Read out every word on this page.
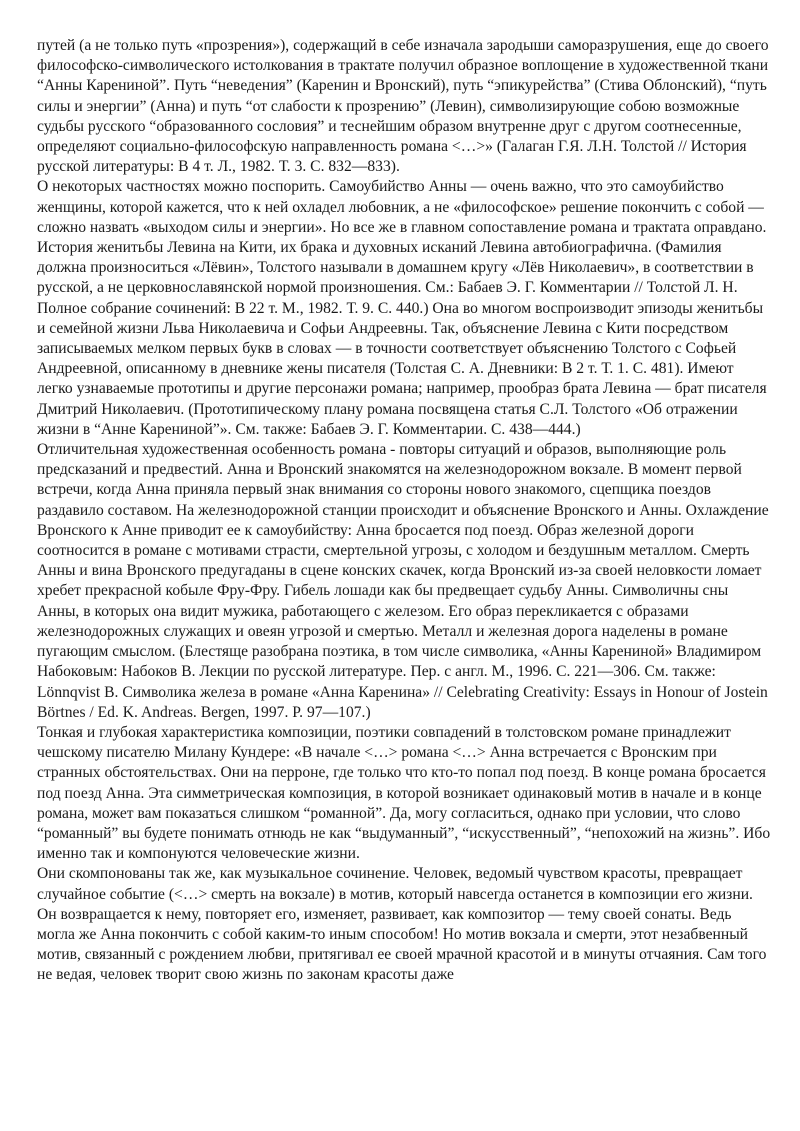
путей (а не только путь «прозрения»), содержащий в себе изначала зародыши саморазрушения, еще до своего философско-символического истолкования в трактате получил образное воплощение в художественной ткани “Анны Карениной”. Путь “неведения” (Каренин и Вронский), путь “эпикурейства” (Стива Облонский), “путь силы и энергии” (Анна) и путь “от слабости к прозрению” (Левин), символизирующие собою возможные судьбы русского “образованного сословия” и теснейшим образом внутренне друг с другом соотнесенные, определяют социально-философскую направленность романа <…>» (Галаган Г.Я. Л.Н. Толстой // История русской литературы: В 4 т. Л., 1982. Т. 3. С. 832—833).

О некоторых частностях можно поспорить. Самоубийство Анны — очень важно, что это самоубийство женщины, которой кажется, что к ней охладел любовник, а не «философское» решение покончить с собой — сложно назвать «выходом силы и энергии». Но все же в главном сопоставление романа и трактата оправдано.

История женитьбы Левина на Кити, их брака и духовных исканий Левина автобиографична. (Фамилия должна произноситься «Лёвин», Толстого называли в домашнем кругу «Лёв Николаевич», в соответствии в русской, а не церковнославянской нормой произношения. См.: Бабаев Э. Г. Комментарии // Толстой Л. Н. Полное собрание сочинений: В 22 т. М., 1982. Т. 9. С. 440.) Она во многом воспроизводит эпизоды женитьбы и семейной жизни Льва Николаевича и Софьи Андреевны. Так, объяснение Левина с Кити посредством записываемых мелком первых букв в словах — в точности соответствует объяснению Толстого с Софьей Андреевной, описанному в дневнике жены писателя (Толстая С. А. Дневники: В 2 т. Т. 1. С. 481). Имеют легко узнаваемые прототипы и другие персонажи романа; например, прообраз брата Левина — брат писателя Дмитрий Николаевич. (Прототипическому плану романа посвящена статья С.Л. Толстого «Об отражении жизни в “Анне Карениной”». См. также: Бабаев Э. Г. Комментарии. С. 438—444.)

Отличительная художественная особенность романа - повторы ситуаций и образов, выполняющие роль предсказаний и предвестий. Анна и Вронский знакомятся на железнодорожном вокзале. В момент первой встречи, когда Анна приняла первый знак внимания со стороны нового знакомого, сцепщика поездов раздавило составом. На железнодорожной станции происходит и объяснение Вронского и Анны. Охлаждение Вронского к Анне приводит ее к самоубийству: Анна бросается под поезд. Образ железной дороги соотносится в романе с мотивами страсти, смертельной угрозы, с холодом и бездушным металлом. Смерть Анны и вина Вронского предугаданы в сцене конских скачек, когда Вронский из-за своей неловкости ломает хребет прекрасной кобыле Фру-Фру. Гибель лошади как бы предвещает судьбу Анны. Символичны сны Анны, в которых она видит мужика, работающего с железом. Его образ перекликается с образами железнодорожных служащих и овеян угрозой и смертью. Металл и железная дорога наделены в романе пугающим смыслом. (Блестяще разобрана поэтика, в том числе символика, «Анны Карениной» Владимиром Набоковым: Набоков В. Лекции по русской литературе. Пер. с англ. М., 1996. С. 221—306. См. также: Lönnqvist B. Символика железа в романе «Анна Каренина» // Celebrating Creativity: Essays in Honour of Jostein Börtnes / Ed. K. Andreas. Bergen, 1997. P. 97—107.)

Тонкая и глубокая характеристика композиции, поэтики совпадений в толстовском романе принадлежит чешскому писателю Милану Кундере: «В начале <…> романа <…> Анна встречается с Вронским при странных обстоятельствах. Они на перроне, где только что кто-то попал под поезд. В конце романа бросается под поезд Анна. Эта симметрическая композиция, в которой возникает одинаковый мотив в начале и в конце романа, может вам показаться слишком “романной”. Да, могу согласиться, однако при условии, что слово “романный” вы будете понимать отнюдь не как “выдуманный”, “искусственный”, “непохожий на жизнь”. Ибо именно так и компонуются человеческие жизни.

Они скомпонованы так же, как музыкальное сочинение. Человек, ведомый чувством красоты, превращает случайное событие (<…> смерть на вокзале) в мотив, который навсегда останется в композиции его жизни. Он возвращается к нему, повторяет его, изменяет, развивает, как композитор — тему своей сонаты. Ведь могла же Анна покончить с собой каким-то иным способом! Но мотив вокзала и смерти, этот незабвенный мотив, связанный с рождением любви, притягивал ее своей мрачной красотой и в минуты отчаяния. Сам того не ведая, человек творит свою жизнь по законам красоты даже
